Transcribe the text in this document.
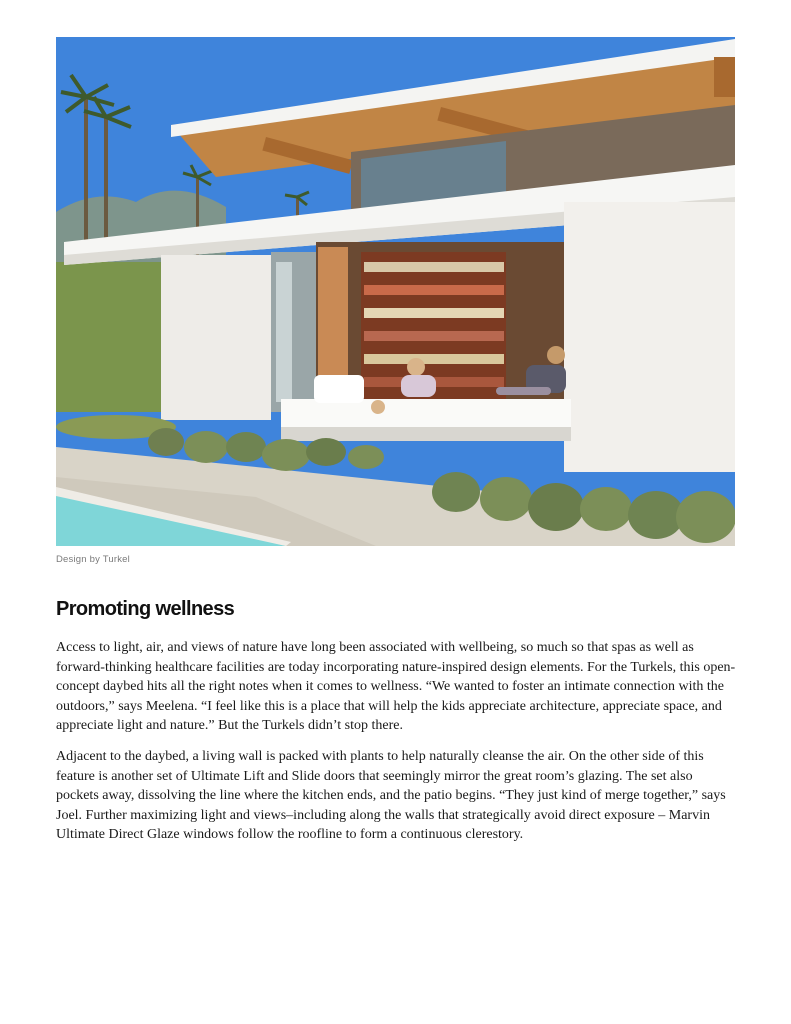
Design by Turkel
Promoting wellness

Access to light, air, and views of nature have long been associated with wellbeing, so much so that spas as well as forward-thinking healthcare facilities are today incorporating nature-inspired design elements. For the Turkels, this open-concept daybed hits all the right notes when it comes to wellness. “We wanted to foster an intimate connection with the outdoors,” says Meelena. “I feel like this is a place that will help the kids appreciate architecture, appreciate space, and appreciate light and nature.” But the Turkels didn’t stop there.

Adjacent to the daybed, a living wall is packed with plants to help naturally cleanse the air. On the other side of this feature is another set of Ultimate Lift and Slide doors that seemingly mirror the great room’s glazing. The set also pockets away, dissolving the line where the kitchen ends, and the patio begins. “They just kind of merge together,” says Joel. Further maximizing light and views–including along the walls that strategically avoid direct exposure – Marvin Ultimate Direct Glaze windows follow the roofline to form a continuous clerestory.
